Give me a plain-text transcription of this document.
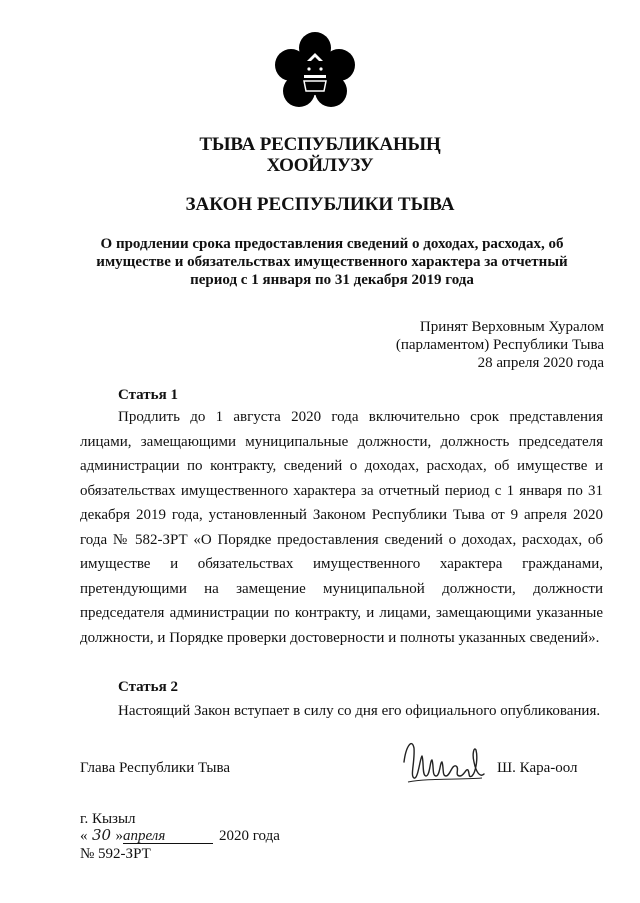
ТЫВА РЕСПУБЛИКАНЫҢ
ХООЙЛУЗУ
ЗАКОН РЕСПУБЛИКИ ТЫВА
О продлении срока предоставления сведений о доходах, расходах, об имуществе и обязательствах имущественного характера за отчетный период с 1 января по 31 декабря 2019 года
Принят Верховным Хуралом
(парламентом) Республики Тыва
28 апреля 2020 года
Статья 1
Продлить до 1 августа 2020 года включительно срок представления лицами, замещающими муниципальные должности, должность председателя администрации по контракту, сведений о доходах, расходах, об имуществе и обязательствах имущественного характера за отчетный период с 1 января по 31 декабря 2019 года, установленный Законом Республики Тыва от 9 апреля 2020 года № 582-ЗРТ «О Порядке предоставления сведений о доходах, расходах, об имуществе и обязательствах имущественного характера гражданами, претендующими на замещение муниципальной должности, должности председателя администрации по контракту, и лицами, замещающими указанные должности, и Порядке проверки достоверности и полноты указанных сведений».
Статья 2
Настоящий Закон вступает в силу со дня его официального опубликования.
Глава Республики Тыва	Ш. Кара-оол
г. Кызыл
« 30 »апреля	2020 года
№ 592-ЗРТ
